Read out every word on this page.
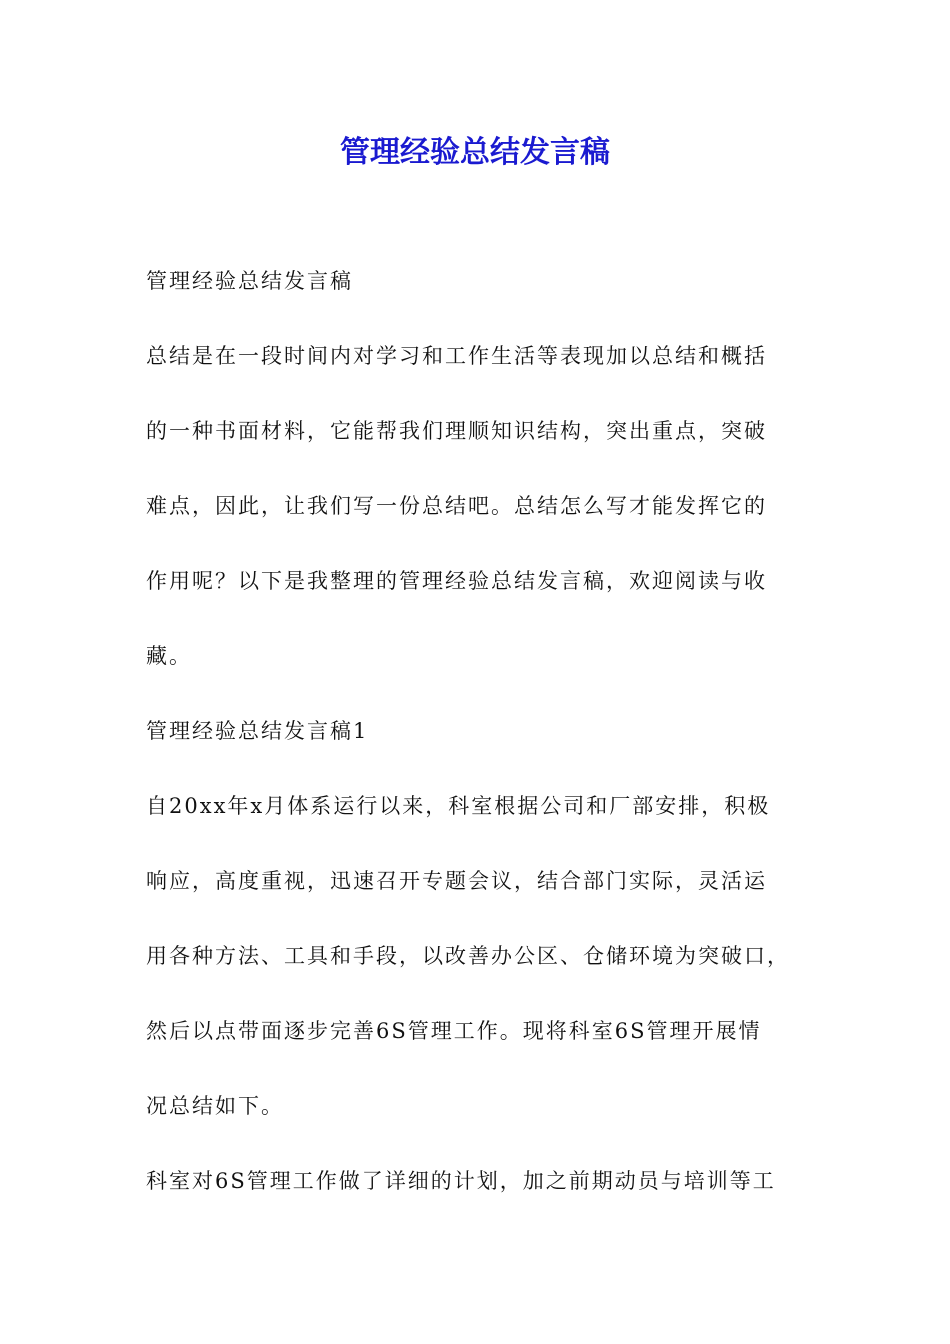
管理经验总结发言稿

管理经验总结发言稿

总结是在一段时间内对学习和工作生活等表现加以总结和概括
的一种书面材料，它能帮我们理顺知识结构，突出重点，突破
难点，因此，让我们写一份总结吧。总结怎么写才能发挥它的
作用呢？以下是我整理的管理经验总结发言稿，欢迎阅读与收
藏。

管理经验总结发言稿1

自20xx年x月体系运行以来，科室根据公司和厂部安排，积极
响应，高度重视，迅速召开专题会议，结合部门实际，灵活运
用各种方法、工具和手段，以改善办公区、仓储环境为突破口，
然后以点带面逐步完善6S管理工作。现将科室6S管理开展情
况总结如下。

科室对6S管理工作做了详细的计划，加之前期动员与培训等工
